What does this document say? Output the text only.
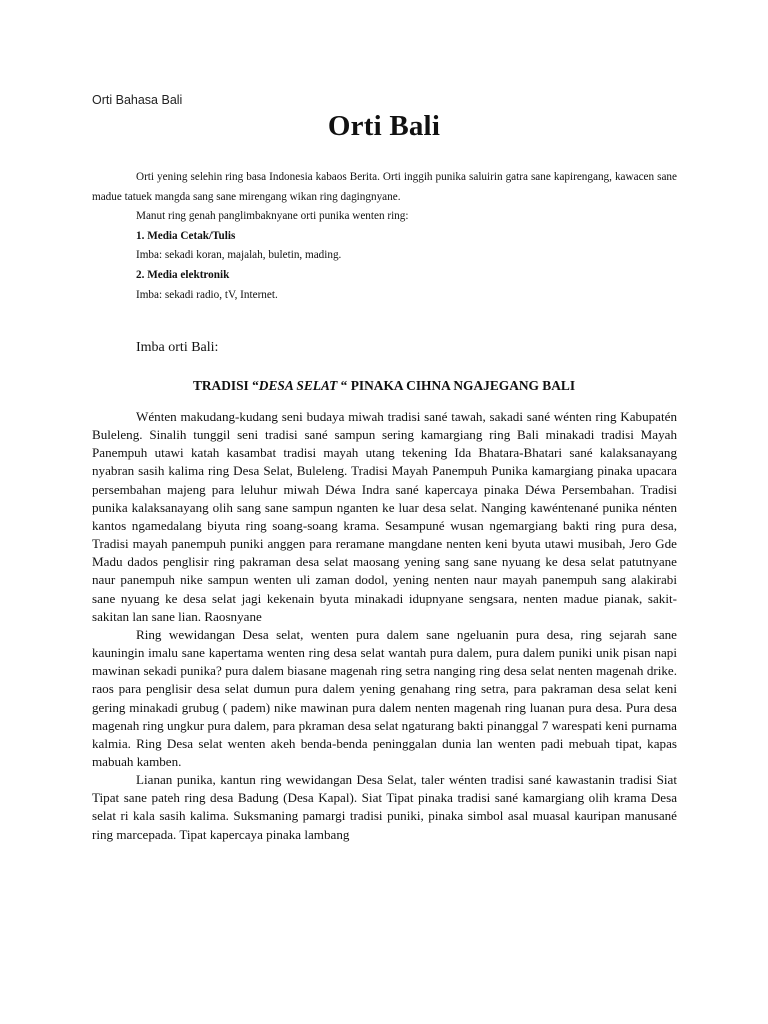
Orti Bahasa Bali
Orti Bali

Orti yening selehin ring basa Indonesia kabaos Berita. Orti inggih punika saluirin gatra sane kapirengang, kawacen sane madue tatuek mangda sang sane mirengang wikan ring dagingnyane.

Manut ring genah panglimbaknyane orti punika wenten ring:

1. Media Cetak/Tulis

Imba: sekadi koran, majalah, buletin, mading.

2. Media elektronik

Imba: sekadi radio, tV, Internet.

Imba orti Bali:
TRADISI “DESA SELAT “ PINAKA CIHNA NGAJEGANG BALI

Wénten makudang-kudang seni budaya miwah tradisi sané tawah, sakadi sané wénten ring Kabupatén Buleleng. Sinalih tunggil seni tradisi sané sampun sering kamargiang ring Bali minakadi tradisi Mayah Panempuh utawi katah kasambat tradisi mayah utang tekening Ida Bhatara-Bhatari sané kalaksanayang nyabran sasih kalima ring Desa Selat, Buleleng. Tradisi Mayah Panempuh Punika kamargiang pinaka upacara persembahan majeng para leluhur miwah Déwa Indra sané kapercaya pinaka Déwa Persembahan. Tradisi punika kalaksanayang olih sang sane sampun nganten ke luar desa selat. Nanging kawéntenané punika nénten kantos ngamedalang biyuta ring soang-soang krama. Sesampuné wusan ngemargiang bakti ring pura desa, Tradisi mayah panempuh puniki anggen para reramane mangdane nenten keni byuta utawi musibah, Jero Gde Madu dados penglisir ring pakraman desa selat maosang yening sang sane nyuang ke desa selat patutnyane naur panempuh nike sampun wenten uli zaman dodol, yening nenten naur mayah panempuh sang alakirabi sane nyuang ke desa selat jagi kekenain byuta minakadi idupnyane sengsara, nenten madue pianak, sakit-sakitan lan sane lian. Raosnyane

Ring wewidangan Desa selat, wenten pura dalem sane ngeluanin pura desa, ring sejarah sane kauningin imalu sane kapertama wenten ring desa selat wantah pura dalem, pura dalem puniki unik pisan napi mawinan sekadi punika? pura dalem biasane magenah ring setra nanging ring desa selat nenten magenah drike. raos para penglisir desa selat dumun pura dalem yening genahang ring setra, para pakraman desa selat keni gering minakadi grubug ( padem) nike mawinan pura dalem nenten magenah ring luanan pura desa. Pura desa magenah ring ungkur pura dalem, para pkraman desa selat ngaturang bakti pinanggal 7 warespati keni purnama kalmia. Ring Desa selat wenten akeh benda-benda peninggalan dunia lan wenten padi mebuah tipat, kapas mabuah kamben.

Lianan punika, kantun ring wewidangan Desa Selat, taler wénten tradisi sané kawastanin tradisi Siat Tipat sane pateh ring desa Badung (Desa Kapal). Siat Tipat pinaka tradisi sané kamargiang olih krama Desa selat ri kala sasih kalima. Suksmaning pamargi tradisi puniki, pinaka simbol asal muasal kauripan manusané ring marcepada. Tipat kapercaya pinaka lambang
